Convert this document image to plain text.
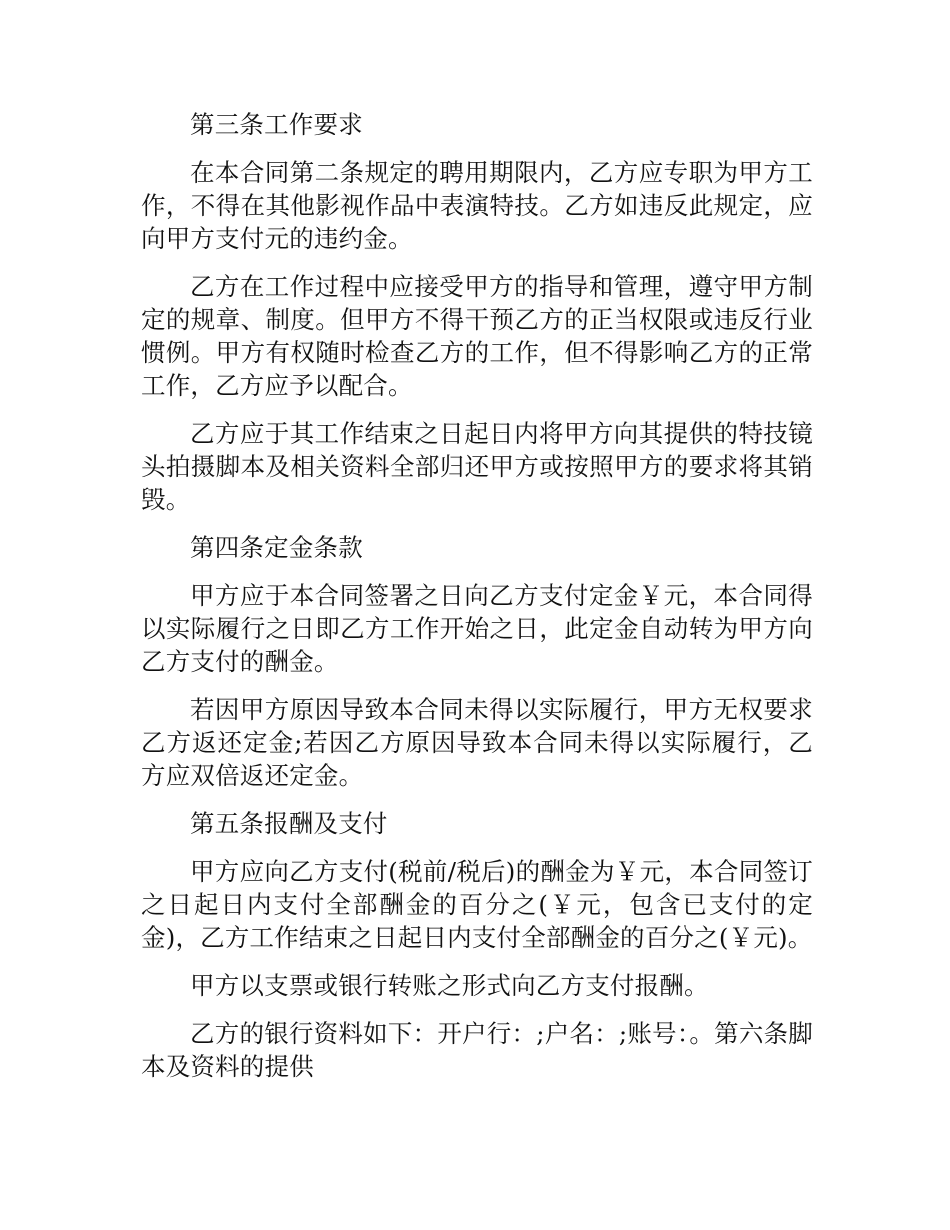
第三条工作要求

在本合同第二条规定的聘用期限内，乙方应专职为甲方工作，不得在其他影视作品中表演特技。乙方如违反此规定，应向甲方支付元的违约金。

乙方在工作过程中应接受甲方的指导和管理，遵守甲方制定的规章、制度。但甲方不得干预乙方的正当权限或违反行业惯例。甲方有权随时检查乙方的工作，但不得影响乙方的正常工作，乙方应予以配合。

乙方应于其工作结束之日起日内将甲方向其提供的特技镜头拍摄脚本及相关资料全部归还甲方或按照甲方的要求将其销毁。

第四条定金条款

甲方应于本合同签署之日向乙方支付定金￥元，本合同得以实际履行之日即乙方工作开始之日，此定金自动转为甲方向乙方支付的酬金。

若因甲方原因导致本合同未得以实际履行，甲方无权要求乙方返还定金;若因乙方原因导致本合同未得以实际履行，乙方应双倍返还定金。

第五条报酬及支付

甲方应向乙方支付(税前/税后)的酬金为￥元，本合同签订之日起日内支付全部酬金的百分之(￥元，包含已支付的定金)，乙方工作结束之日起日内支付全部酬金的百分之(￥元)。

甲方以支票或银行转账之形式向乙方支付报酬。

乙方的银行资料如下：开户行：;户名：;账号：。第六条脚本及资料的提供
